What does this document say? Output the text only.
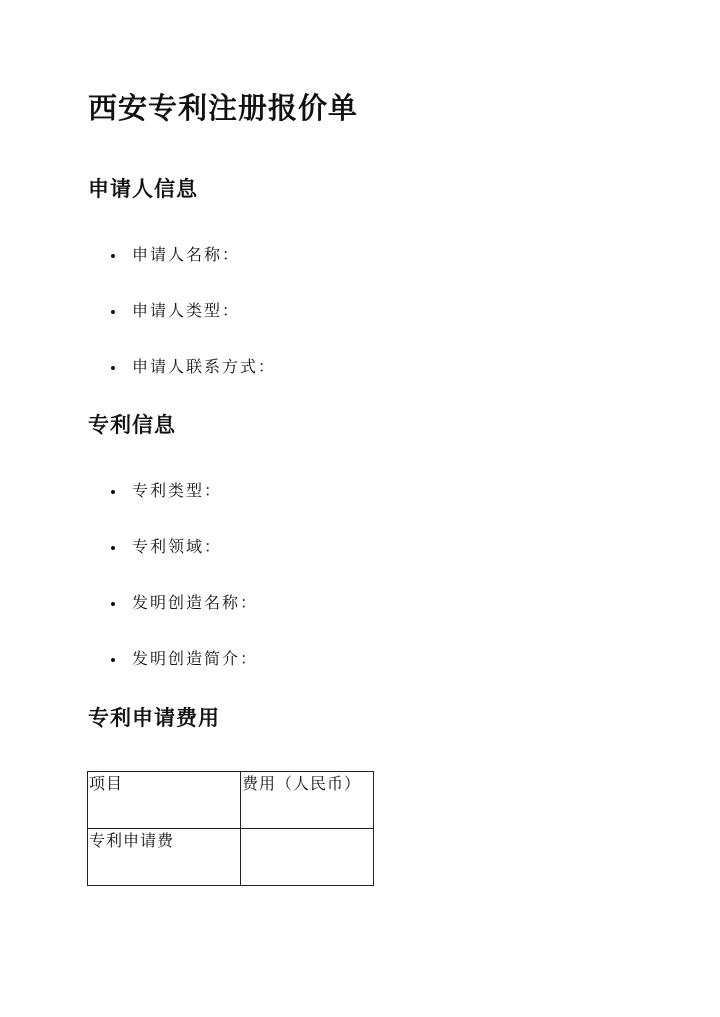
西安专利注册报价单
申请人信息
申请人名称：
申请人类型：
申请人联系方式：
专利信息
专利类型：
专利领域：
发明创造名称：
发明创造简介：
专利申请费用
项目	费用（人民币）
专利申请费	
